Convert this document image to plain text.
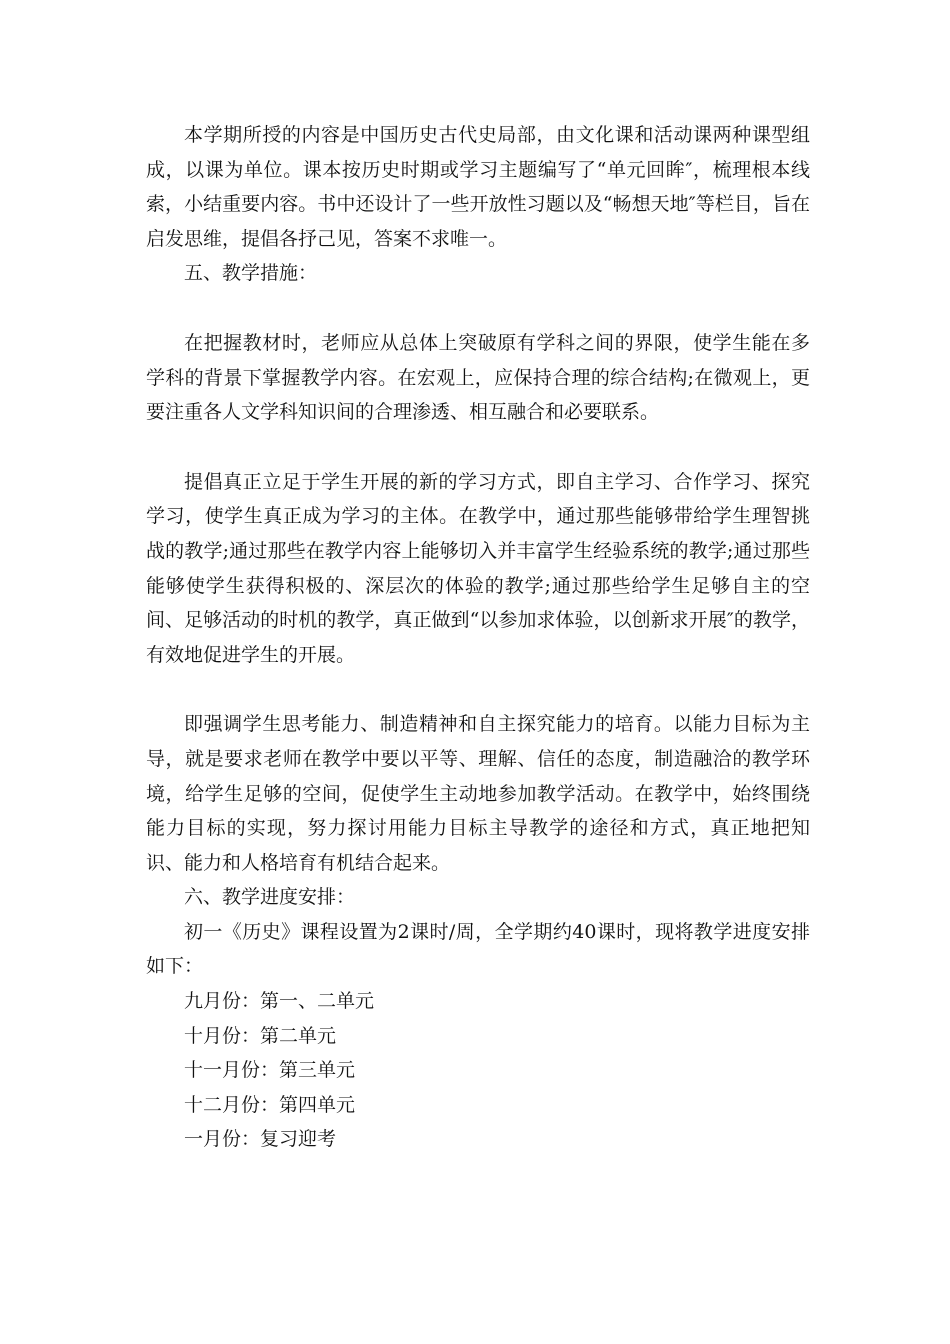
本学期所授的内容是中国历史古代史局部，由文化课和活动课两种课型组成，以课为单位。课本按历史时期或学习主题编写了“单元回眸″，梳理根本线索，小结重要内容。书中还设计了一些开放性习题以及“畅想天地″等栏目，旨在启发思维，提倡各抒己见，答案不求唯一。

五、教学措施：

在把握教材时，老师应从总体上突破原有学科之间的界限，使学生能在多学科的背景下掌握教学内容。在宏观上，应保持合理的综合结构;在微观上，更要注重各人文学科知识间的合理渗透、相互融合和必要联系。

提倡真正立足于学生开展的新的学习方式，即自主学习、合作学习、探究学习，使学生真正成为学习的主体。在教学中，通过那些能够带给学生理智挑战的教学;通过那些在教学内容上能够切入并丰富学生经验系统的教学;通过那些能够使学生获得积极的、深层次的体验的教学;通过那些给学生足够自主的空间、足够活动的时机的教学，真正做到“以参加求体验，以创新求开展″的教学，有效地促进学生的开展。

即强调学生思考能力、制造精神和自主探究能力的培育。以能力目标为主导，就是要求老师在教学中要以平等、理解、信任的态度，制造融洽的教学环境，给学生足够的空间，促使学生主动地参加教学活动。在教学中，始终围绕能力目标的实现，努力探讨用能力目标主导教学的途径和方式，真正地把知识、能力和人格培育有机结合起来。

六、教学进度安排：

初一《历史》课程设置为2课时/周，全学期约40课时，现将教学进度安排如下：

九月份：第一、二单元

十月份：第二单元

十一月份：第三单元

十二月份：第四单元

一月份：复习迎考
